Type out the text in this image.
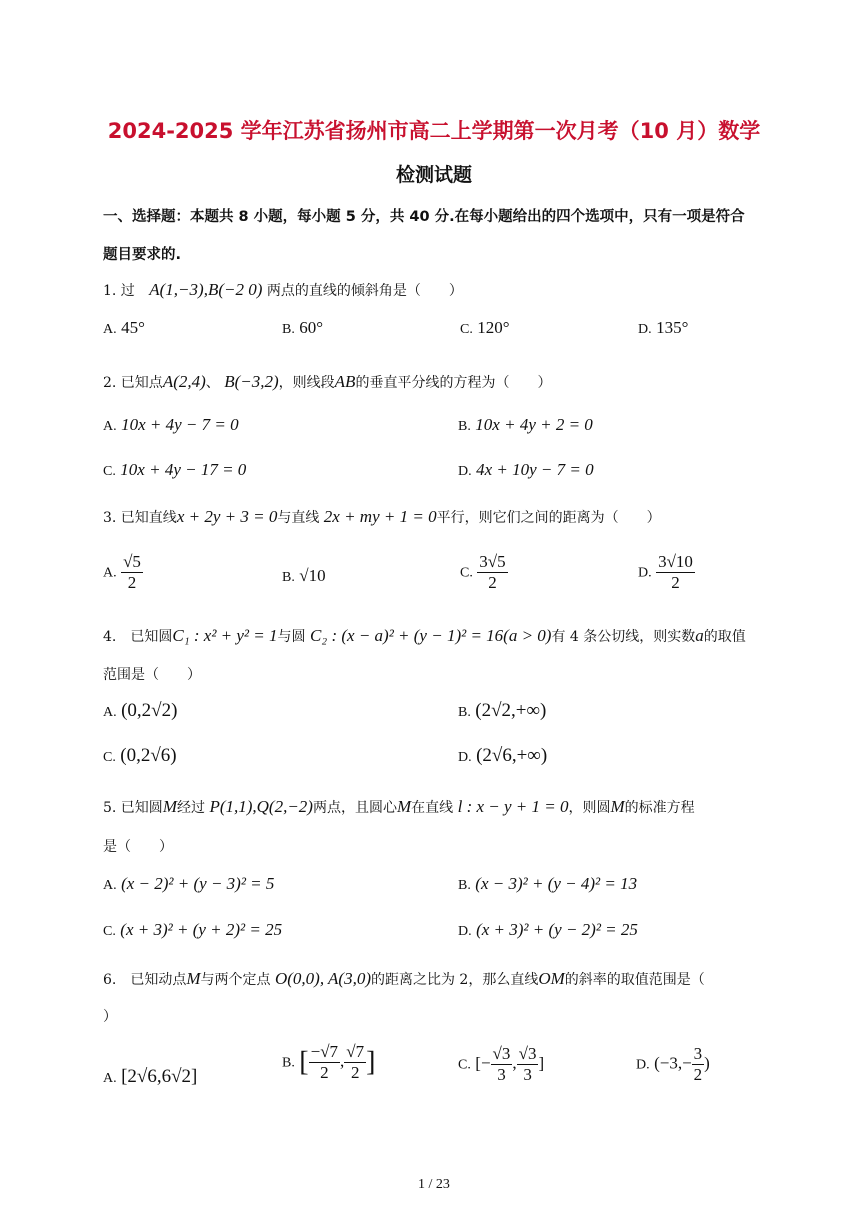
2024-2025 学年江苏省扬州市高二上学期第一次月考（10 月）数学
检测试题
一、选择题：本题共 8 小题，每小题 5 分，共 40 分.在每小题给出的四个选项中，只有一项是符合
题目要求的.
1. 过 A(1,−3),B(−2 0) 两点的直线的倾斜角是（　　）
A. 45°	B. 60°	C. 120°	D. 135°
2. 已知点A(2,4)、 B(−3,2)，则线段AB的垂直平分线的方程为（　　）
A. 10x + 4y − 7 = 0	B. 10x + 4y + 2 = 0
C. 10x + 4y − 17 = 0	D. 4x + 10y − 7 = 0
3. 已知直线x + 2y + 3 = 0与直线 2x + my + 1 = 0平行，则它们之间的距离为（　　）
A. $\frac{√5}{2}$	B. √10	C. $\frac{3√5}{2}$	D. $\frac{3√10}{2}$
4.　已知圆C₁ : x² + y² = 1与圆 C₂ : (x − a)² + (y − 1)² = 16(a > 0)有 4 条公切线，则实数a的取值
范围是（　　）
A. (0,2√2)	B. (2√2,+∞)
C. (0,2√6)	D. (2√6,+∞)
5. 已知圆M经过 P(1,1),Q(2,−2)两点，且圆心M在直线 l : x − y + 1 = 0，则圆M的标准方程
是（　　）
A. (x − 2)² + (y − 3)² = 5	B. (x − 3)² + (y − 4)² = 13
C. (x + 3)² + (y + 2)² = 25	D. (x + 3)² + (y − 2)² = 25
6.　已知动点M与两个定点 O(0,0), A(3,0)的距离之比为 2，那么直线OM的斜率的取值范围是（
）
A. [2√6,6√2]
B. [ $\frac{-√7}{2}$ , $\frac{√7}{2}$ ]	C. [− $\frac{√3}{3}$ , $\frac{√3}{3}$ ]	D. ($-3,- \frac{3}{2}$ )
1 / 23
